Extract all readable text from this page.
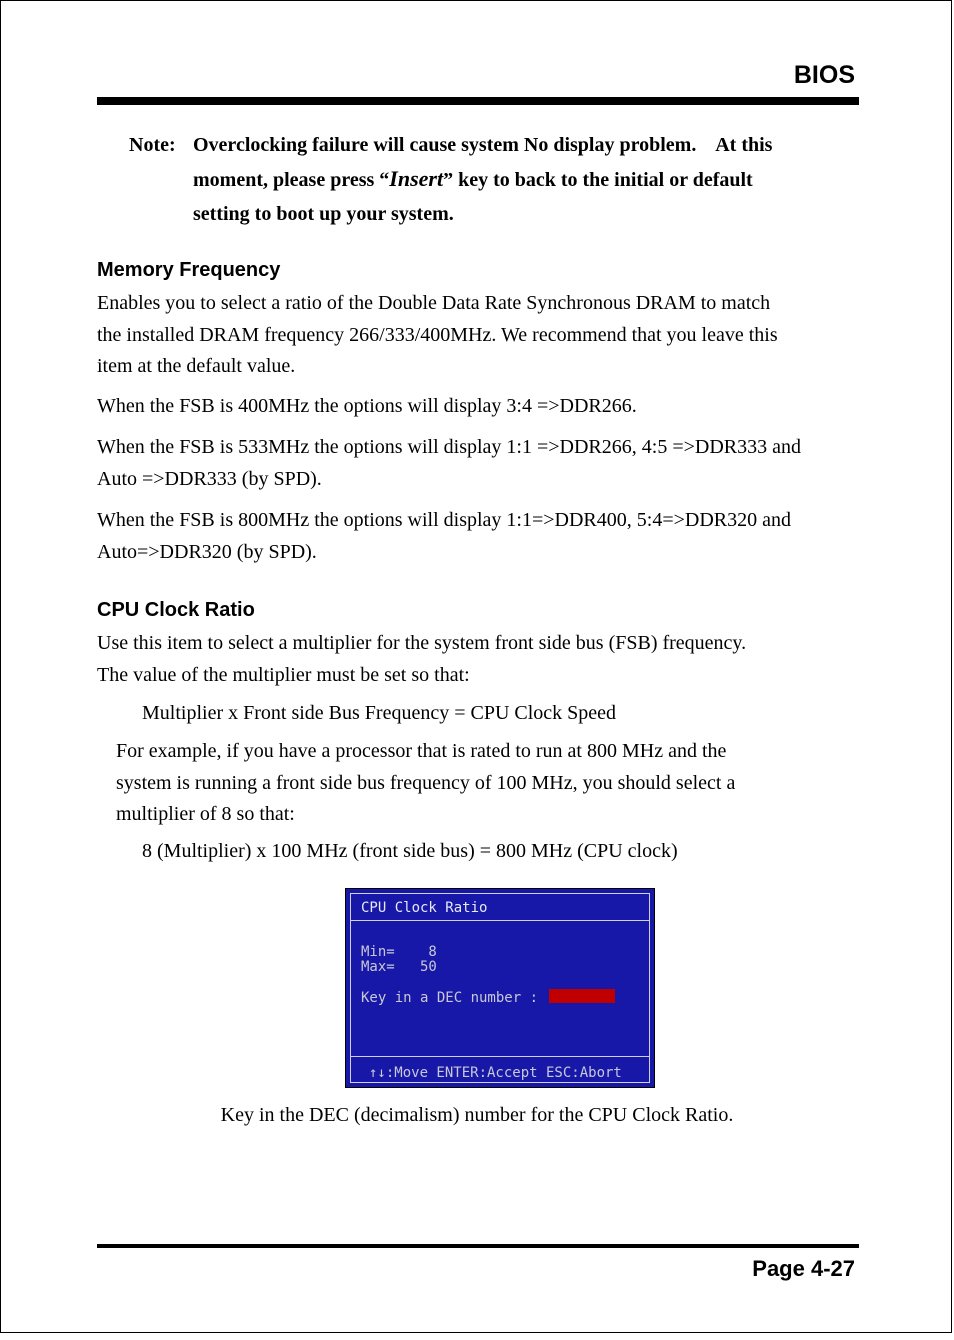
BIOS
Note: Overclocking failure will cause system No display problem.    At this
moment, please press “Insert” key to back to the initial or default
setting to boot up your system.
Memory Frequency
Enables you to select a ratio of the Double Data Rate Synchronous DRAM to match
the installed DRAM frequency 266/333/400MHz. We recommend that you leave this
item at the default value.
When the FSB is 400MHz the options will display 3:4 =>DDR266.
When the FSB is 533MHz the options will display 1:1 =>DDR266, 4:5 =>DDR333 and
Auto =>DDR333 (by SPD).
When the FSB is 800MHz the options will display 1:1=>DDR400, 5:4=>DDR320 and
Auto=>DDR320 (by SPD).
CPU Clock Ratio
Use this item to select a multiplier for the system front side bus (FSB) frequency.
The value of the multiplier must be set so that:
Multiplier x Front side Bus Frequency = CPU Clock Speed
For example, if you have a processor that is rated to run at 800 MHz and the
system is running a front side bus frequency of 100 MHz, you should select a
multiplier of 8 so that:
8 (Multiplier) x 100 MHz (front side bus) = 800 MHz (CPU clock)
CPU Clock Ratio
Min=    8
Max=   50
Key in a DEC number :
↑↓:Move ENTER:Accept ESC:Abort
Key in the DEC (decimalism) number for the CPU Clock Ratio.
Page 4-27
